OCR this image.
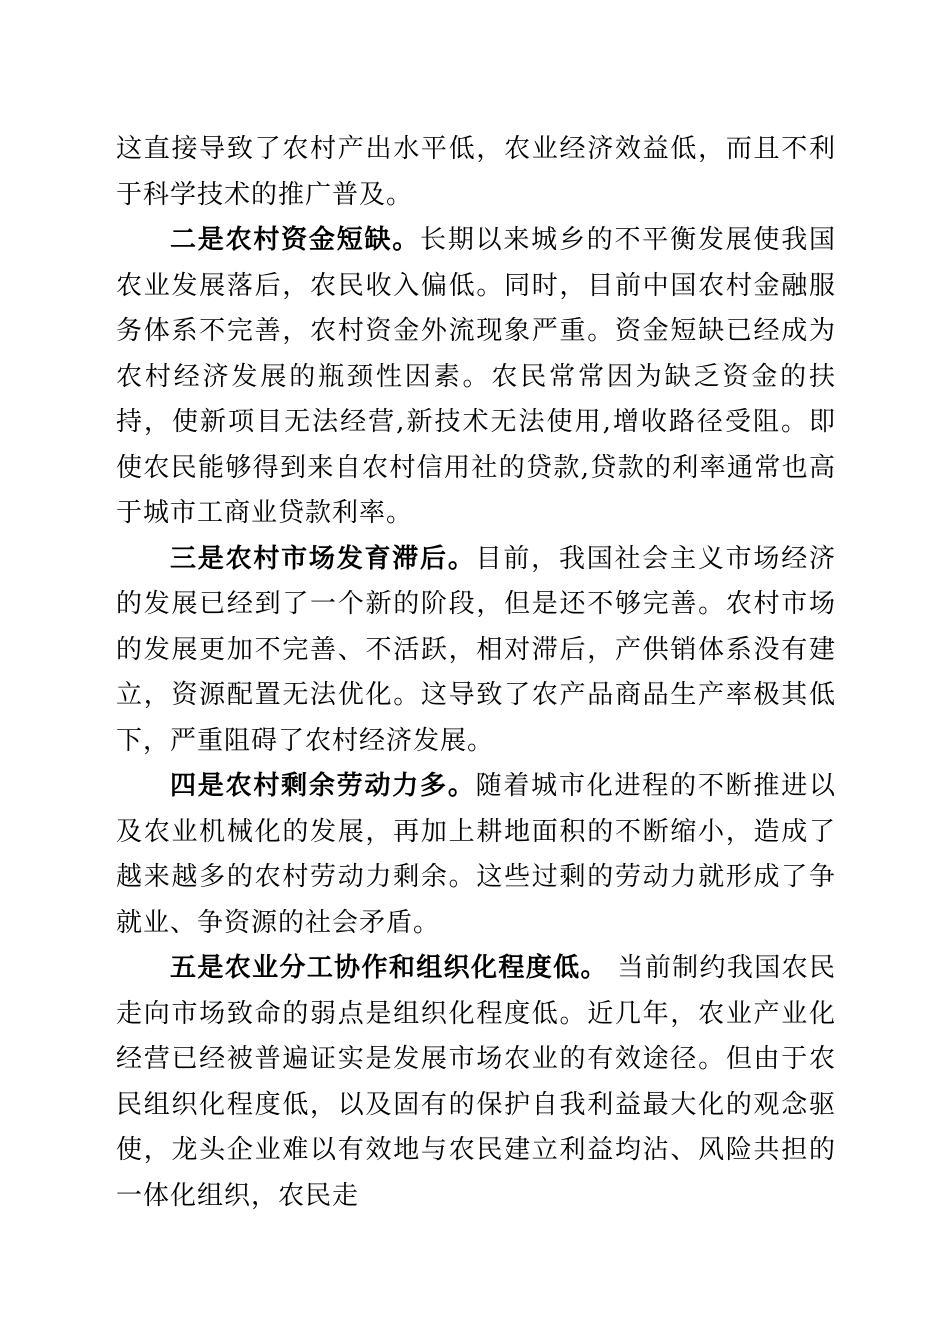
这直接导致了农村产出水平低，农业经济效益低，而且不利于科学技术的推广普及。

二是农村资金短缺。长期以来城乡的不平衡发展使我国农业发展落后，农民收入偏低。同时，目前中国农村金融服务体系不完善，农村资金外流现象严重。资金短缺已经成为农村经济发展的瓶颈性因素。农民常常因为缺乏资金的扶持，使新项目无法经营,新技术无法使用,增收路径受阻。即使农民能够得到来自农村信用社的贷款,贷款的利率通常也高于城市工商业贷款利率。

三是农村市场发育滞后。目前，我国社会主义市场经济的发展已经到了一个新的阶段，但是还不够完善。农村市场的发展更加不完善、不活跃，相对滞后，产供销体系没有建立，资源配置无法优化。这导致了农产品商品生产率极其低下，严重阻碍了农村经济发展。

四是农村剩余劳动力多。随着城市化进程的不断推进以及农业机械化的发展，再加上耕地面积的不断缩小，造成了越来越多的农村劳动力剩余。这些过剩的劳动力就形成了争就业、争资源的社会矛盾。

五是农业分工协作和组织化程度低。 当前制约我国农民走向市场致命的弱点是组织化程度低。近几年，农业产业化经营已经被普遍证实是发展市场农业的有效途径。但由于农民组织化程度低，以及固有的保护自我利益最大化的观念驱使，龙头企业难以有效地与农民建立利益均沾、风险共担的一体化组织，农民走
